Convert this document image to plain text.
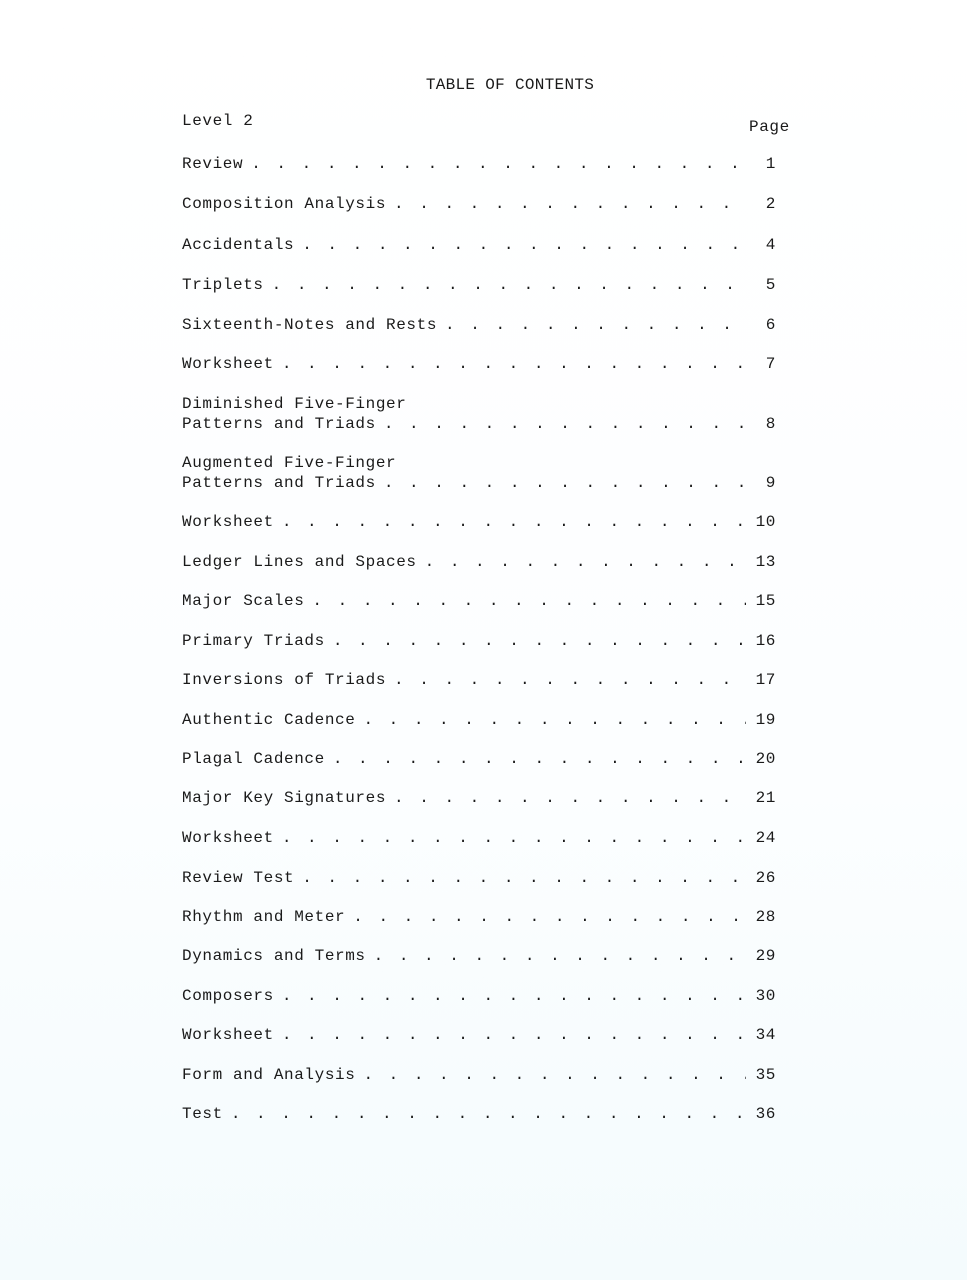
TABLE OF CONTENTS
Level 2	Page
Review . . .	1
Composition Analysis . . .	2
Accidentals . . .	4
Triplets . . .	5
Sixteenth-Notes and Rests . . .	6
Worksheet . . .	7
Diminished Five-Finger
Patterns and Triads . . .	8
Augmented Five-Finger
Patterns and Triads . . .	9
Worksheet . . .	10
Ledger Lines and Spaces . . .	13
Major Scales . . .	15
Primary Triads . . .	16
Inversions of Triads . . .	17
Authentic Cadence . . .	19
Plagal Cadence . . .	20
Major Key Signatures . . .	21
Worksheet . . .	24
Review Test . . .	26
Rhythm and Meter . . .	28
Dynamics and Terms . . .	29
Composers . . .	30
Worksheet . . .	34
Form and Analysis . . .	35
Test . . .	36
